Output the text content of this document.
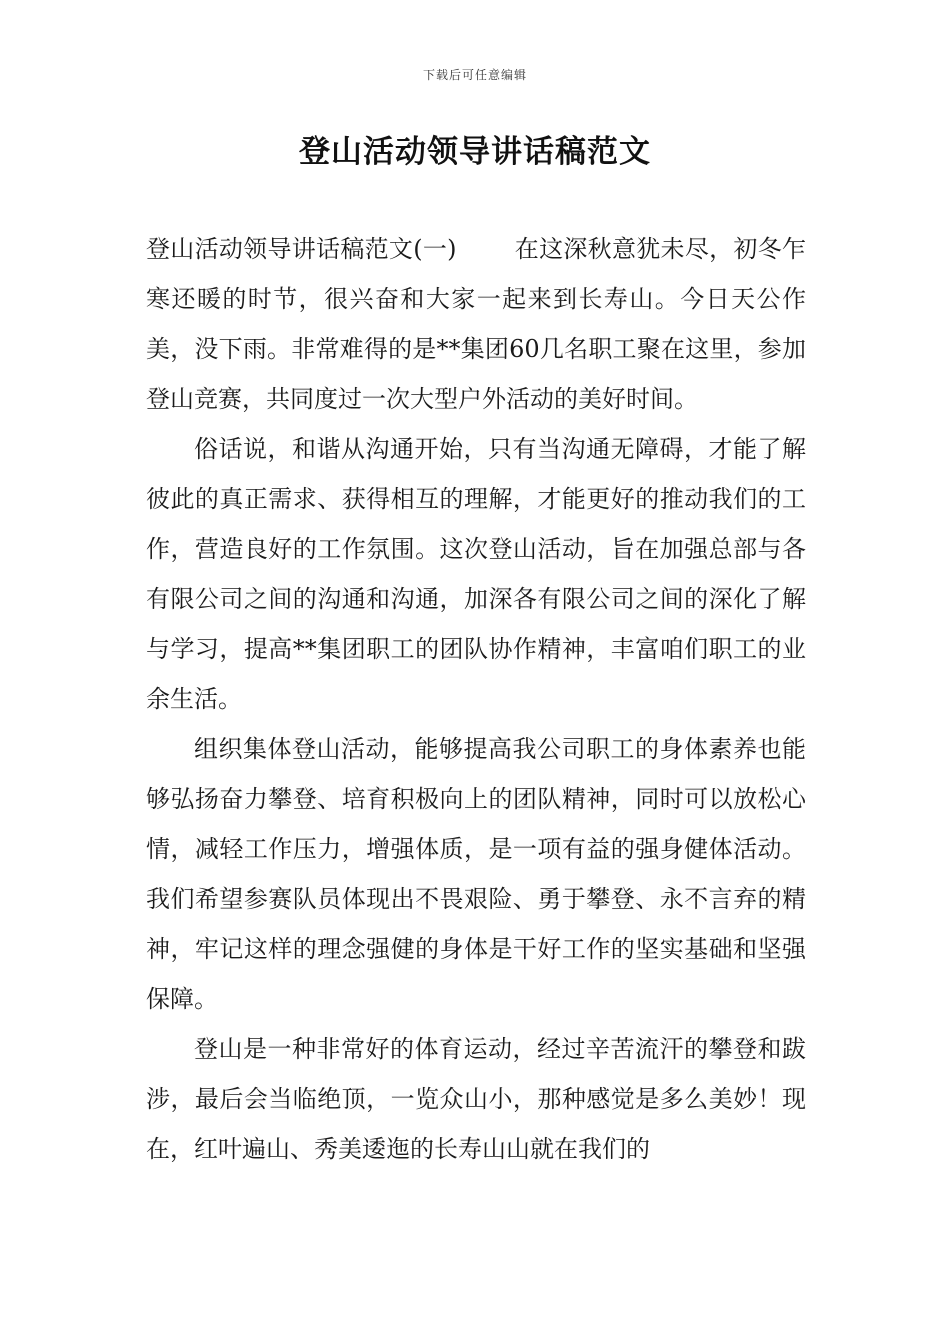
下载后可任意编辑
登山活动领导讲话稿范文

登山活动领导讲话稿范文(一) 在这深秋意犹未尽，初冬乍寒还暖的时节，很兴奋和大家一起来到长寿山。今日天公作美，没下雨。非常难得的是**集团60几名职工聚在这里，参加登山竞赛，共同度过一次大型户外活动的美好时间。

俗话说，和谐从沟通开始，只有当沟通无障碍，才能了解彼此的真正需求、获得相互的理解，才能更好的推动我们的工作，营造良好的工作氛围。这次登山活动，旨在加强总部与各有限公司之间的沟通和沟通，加深各有限公司之间的深化了解与学习，提高**集团职工的团队协作精神，丰富咱们职工的业余生活。

组织集体登山活动，能够提高我公司职工的身体素养也能够弘扬奋力攀登、培育积极向上的团队精神，同时可以放松心情，减轻工作压力，增强体质，是一项有益的强身健体活动。我们希望参赛队员体现出不畏艰险、勇于攀登、永不言弃的精神，牢记这样的理念强健的身体是干好工作的坚实基础和坚强保障。

登山是一种非常好的体育运动，经过辛苦流汗的攀登和跋涉，最后会当临绝顶，一览众山小，那种感觉是多么美妙！现在，红叶遍山、秀美逶迤的长寿山山就在我们的
